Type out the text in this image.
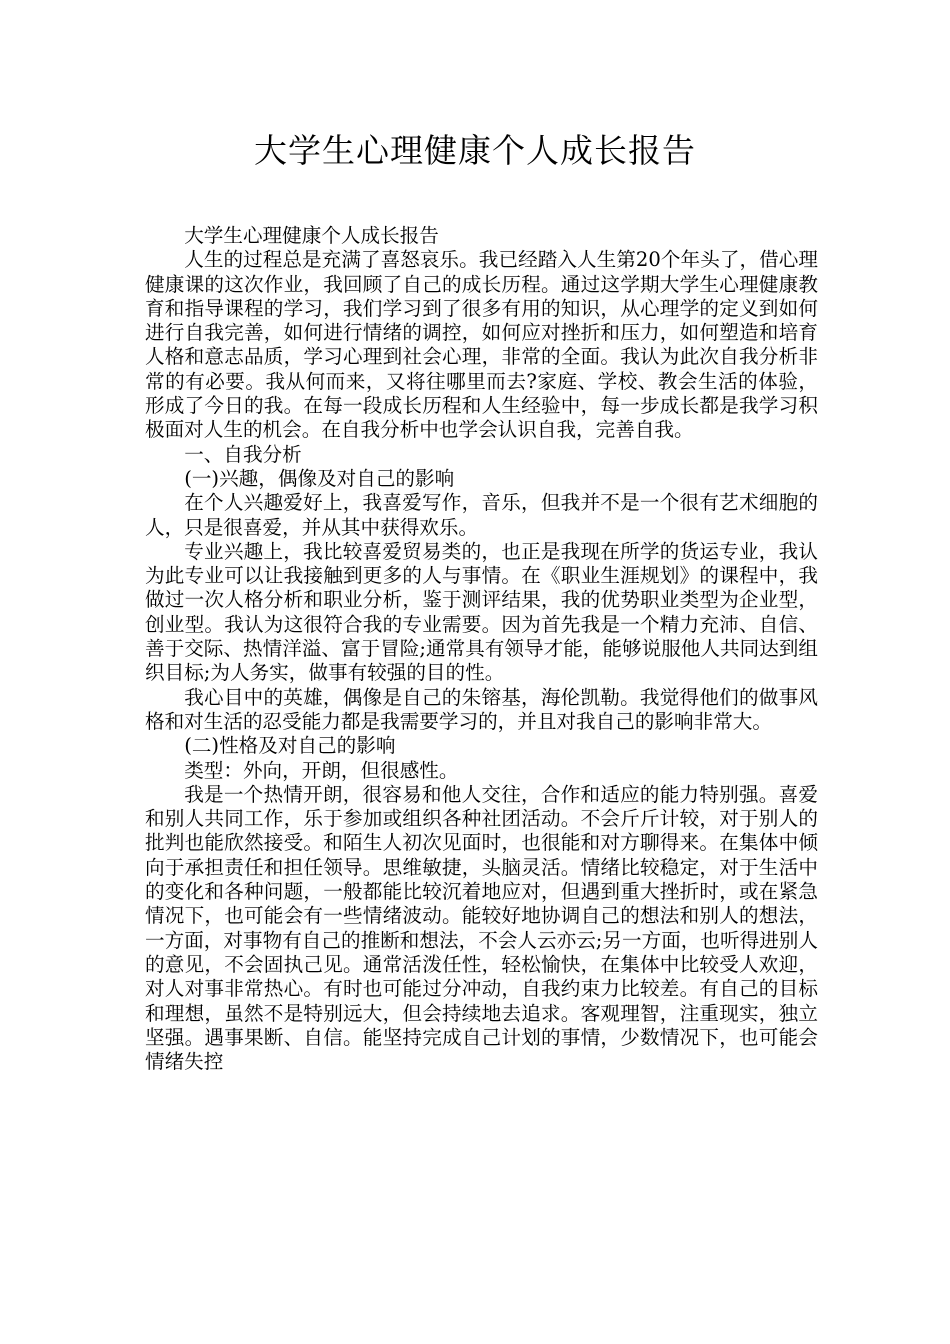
大学生心理健康个人成长报告

大学生心理健康个人成长报告

人生的过程总是充满了喜怒哀乐。我已经踏入人生第20个年头了，借心理健康课的这次作业，我回顾了自己的成长历程。通过这学期大学生心理健康教育和指导课程的学习，我们学习到了很多有用的知识，从心理学的定义到如何进行自我完善，如何进行情绪的调控，如何应对挫折和压力，如何塑造和培育人格和意志品质，学习心理到社会心理，非常的全面。我认为此次自我分析非常的有必要。我从何而来，又将往哪里而去?家庭、学校、教会生活的体验，形成了今日的我。在每一段成长历程和人生经验中，每一步成长都是我学习积极面对人生的机会。在自我分析中也学会认识自我，完善自我。

一、自我分析

(一)兴趣，偶像及对自己的影响

在个人兴趣爱好上，我喜爱写作，音乐，但我并不是一个很有艺术细胞的人，只是很喜爱，并从其中获得欢乐。

专业兴趣上，我比较喜爱贸易类的，也正是我现在所学的货运专业，我认为此专业可以让我接触到更多的人与事情。在《职业生涯规划》的课程中，我做过一次人格分析和职业分析，鉴于测评结果，我的优势职业类型为企业型，创业型。我认为这很符合我的专业需要。因为首先我是一个精力充沛、自信、善于交际、热情洋溢、富于冒险;通常具有领导才能，能够说服他人共同达到组织目标;为人务实，做事有较强的目的性。

我心目中的英雄，偶像是自己的朱镕基，海伦凯勒。我觉得他们的做事风格和对生活的忍受能力都是我需要学习的，并且对我自己的影响非常大。

(二)性格及对自己的影响

类型：外向，开朗，但很感性。

我是一个热情开朗，很容易和他人交往，合作和适应的能力特别强。喜爱和别人共同工作，乐于参加或组织各种社团活动。不会斤斤计较，对于别人的批判也能欣然接受。和陌生人初次见面时，也很能和对方聊得来。在集体中倾向于承担责任和担任领导。思维敏捷，头脑灵活。情绪比较稳定，对于生活中的变化和各种问题，一般都能比较沉着地应对，但遇到重大挫折时，或在紧急情况下，也可能会有一些情绪波动。能较好地协调自己的想法和别人的想法，一方面，对事物有自己的推断和想法，不会人云亦云;另一方面，也听得进别人的意见，不会固执己见。通常活泼任性，轻松愉快，在集体中比较受人欢迎，对人对事非常热心。有时也可能过分冲动，自我约束力比较差。有自己的目标和理想，虽然不是特别远大，但会持续地去追求。客观理智，注重现实，独立坚强。遇事果断、自信。能坚持完成自己计划的事情，少数情况下，也可能会情绪失控
